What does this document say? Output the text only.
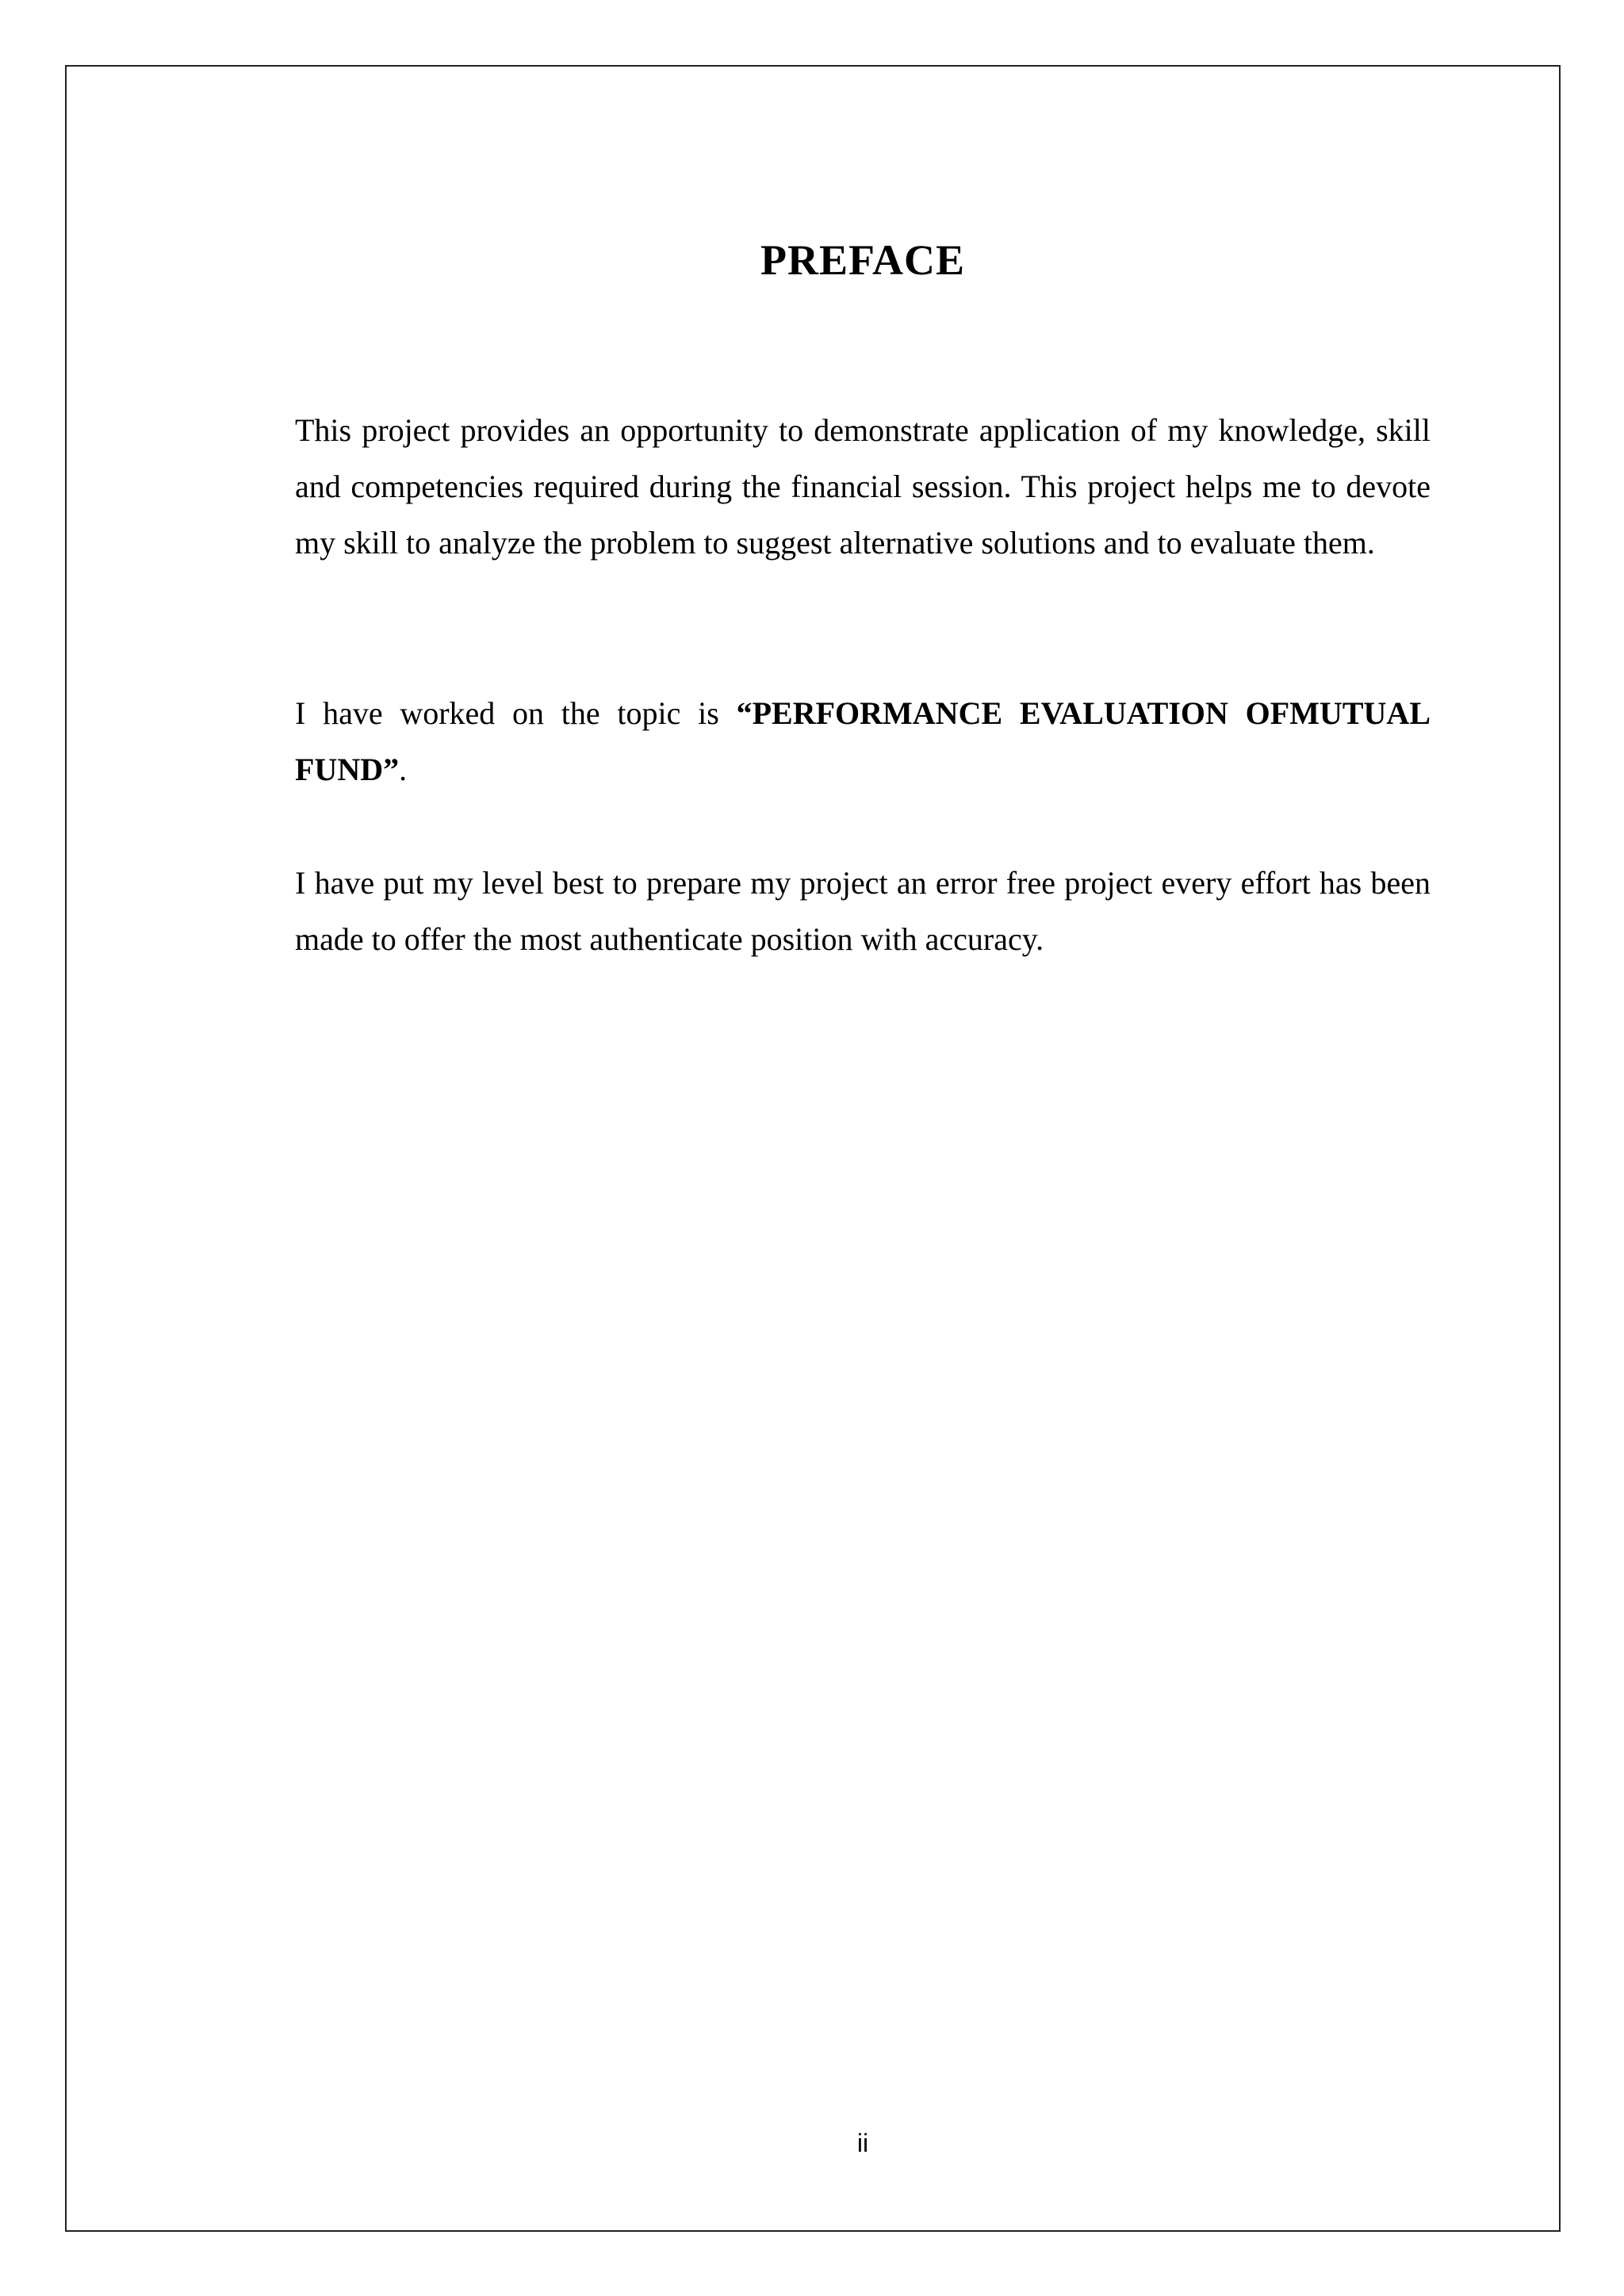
PREFACE

This project provides an opportunity to demonstrate application of my knowledge, skill and competencies required during the financial session. This project helps me to devote my skill to analyze the problem to suggest alternative solutions and to evaluate them.

I have worked on the topic is “PERFORMANCE EVALUATION OFMUTUAL FUND”.

I have put my level best to prepare my project an error free project every effort has been made to offer the most authenticate position with accuracy.

ii
